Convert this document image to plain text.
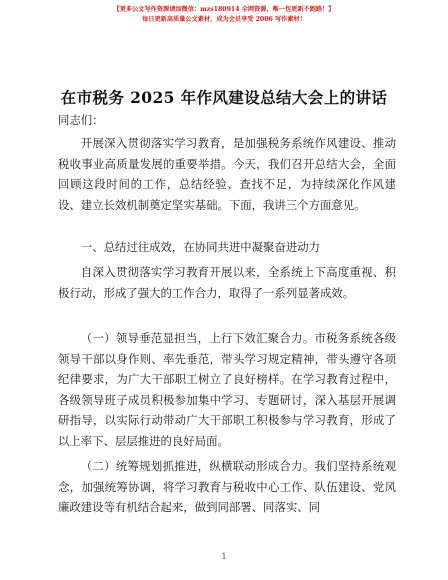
【更多公文写作资源请加微信：mzs180914 全网资源，唯一包更新不跑路！】
每日更新高质量公文素材，成为会员享受 2006 写作素材！
在市税务 2025 年作风建设总结大会上的讲话
同志们：
开展深入贯彻落实学习教育，是加强税务系统作风建设、推动税收事业高质量发展的重要举措。今天，我们召开总结大会，全面回顾这段时间的工作，总结经验、查找不足，为持续深化作风建设、建立长效机制奠定坚实基础。下面，我讲三个方面意见。
一、总结过往成效，在协同共进中凝聚奋进动力
自深入贯彻落实学习教育开展以来，全系统上下高度重视、积极行动，形成了强大的工作合力，取得了一系列显著成效。
（一）领导垂范显担当，上行下效汇聚合力。市税务系统各级领导干部以身作则、率先垂范，带头学习规定精神，带头遵守各项纪律要求，为广大干部职工树立了良好榜样。在学习教育过程中，各级领导班子成员积极参加集中学习、专题研讨，深入基层开展调研指导，以实际行动带动广大干部职工积极参与学习教育，形成了以上率下、层层推进的良好局面。
（二）统筹规划抓推进，纵横联动形成合力。我们坚持系统观念，加强统筹协调，将学习教育与税收中心工作、队伍建设、党风廉政建设等有机结合起来，做到同部署、同落实、同
1
